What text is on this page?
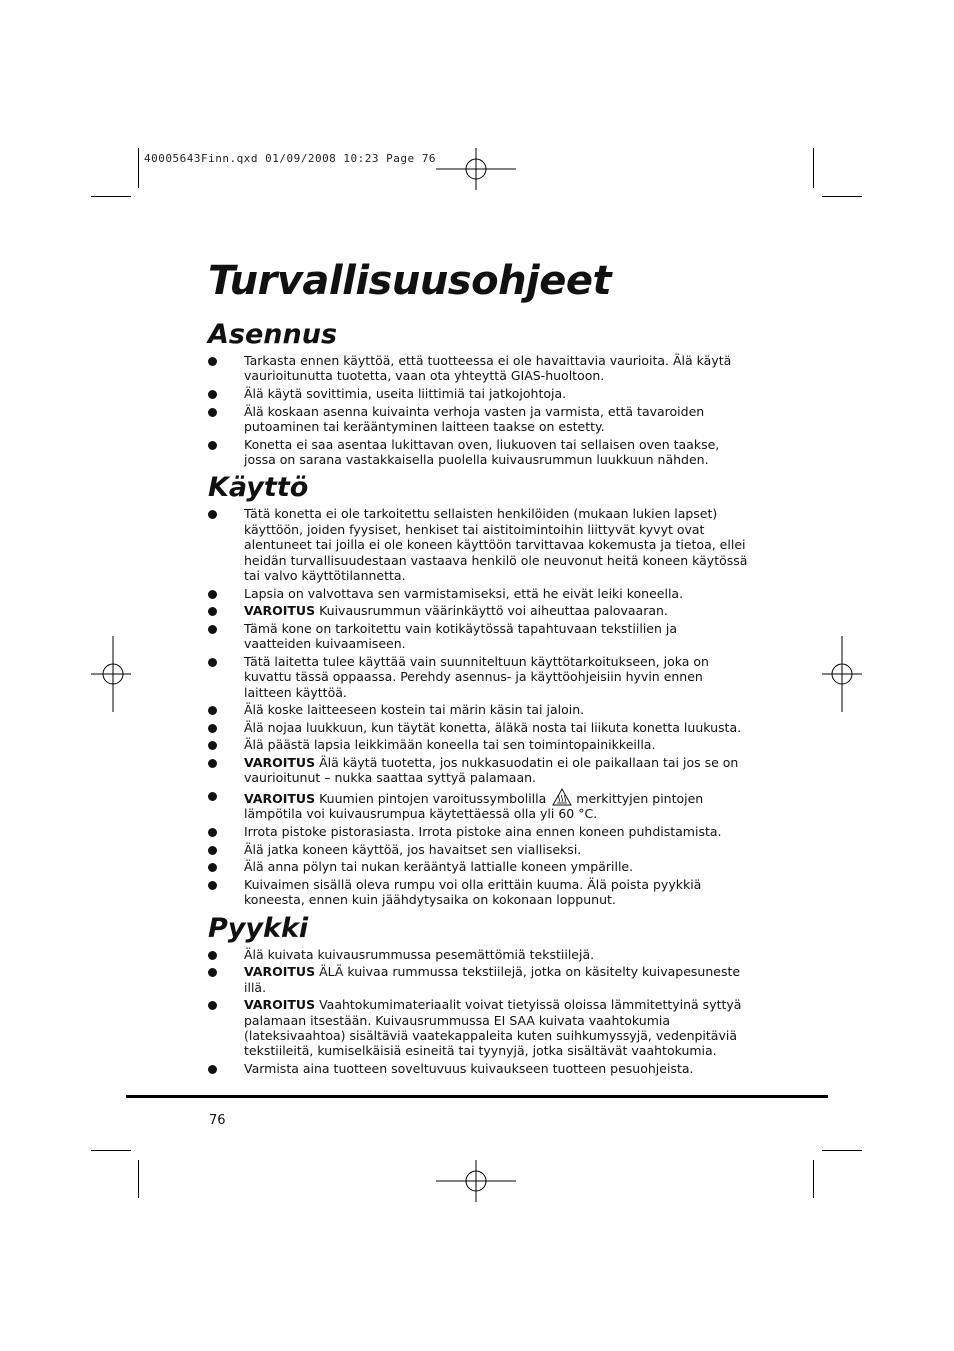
40005643Finn.qxd 01/09/2008 10:23 Page 76
Turvallisuusohjeet
Asennus
Tarkasta ennen käyttöä, että tuotteessa ei ole havaittavia vaurioita. Älä käytä vaurioitunutta tuotetta, vaan ota yhteyttä GIAS-huoltoon.
Älä käytä sovittimia, useita liittimiä tai jatkojohtoja.
Älä koskaan asenna kuivainta verhoja vasten ja varmista, että tavaroiden putoaminen tai kerääntyminen laitteen taakse on estetty.
Konetta ei saa asentaa lukittavan oven, liukuoven tai sellaisen oven taakse, jossa on sarana vastakkaisella puolella kuivausrummun luukkuun nähden.
Käyttö
Tätä konetta ei ole tarkoitettu sellaisten henkilöiden (mukaan lukien lapset) käyttöön, joiden fyysiset, henkiset tai aistitoimintoihin liittyvät kyvyt ovat alentuneet tai joilla ei ole koneen käyttöön tarvittavaa kokemusta ja tietoa, ellei heidän turvallisuudestaan vastaava henkilö ole neuvonut heitä koneen käytössä tai valvo käyttötilannetta.
Lapsia on valvottava sen varmistamiseksi, että he eivät leiki koneella.
VAROITUS Kuivausrummun väärinkäyttö voi aiheuttaa palovaaran.
Tämä kone on tarkoitettu vain kotikäytössä tapahtuvaan tekstiilien ja vaatteiden kuivaamiseen.
Tätä laitetta tulee käyttää vain suunniteltuun käyttötarkoitukseen, joka on kuvattu tässä oppaassa. Perehdy asennus- ja käyttöohjeisiin hyvin ennen laitteen käyttöä.
Älä koske laitteeseen kostein tai märin käsin tai jaloin.
Älä nojaa luukkuun, kun täytät konetta, äläkä nosta tai liikuta konetta luukusta.
Älä päästä lapsia leikkimään koneella tai sen toimintopainikkeilla.
VAROITUS Älä käytä tuotetta, jos nukkasuodatin ei ole paikallaan tai jos se on vaurioitunut – nukka saattaa syttyä palamaan.
VAROITUS Kuumien pintojen varoitussymbolilla merkittyjen pintojen lämpötila voi kuivausrumpua käytettäessä olla yli 60 °C.
Irrota pistoke pistorasiasta. Irrota pistoke aina ennen koneen puhdistamista.
Älä jatka koneen käyttöä, jos havaitset sen vialliseksi.
Älä anna pölyn tai nukan kerääntyä lattialle koneen ympärille.
Kuivaimen sisällä oleva rumpu voi olla erittäin kuuma. Älä poista pyykkiä koneesta, ennen kuin jäähdytysaika on kokonaan loppunut.
Pyykki
Älä kuivata kuivausrummussa pesemättömiä tekstiilejä.
VAROITUS ÄLÄ kuivaa rummussa tekstiilejä, jotka on käsitelty kuivapesuneste illä.
VAROITUS Vaahtokumimateriaalit voivat tietyissä oloissa lämmitettyinä syttyä palamaan itsestään. Kuivausrummussa EI SAA kuivata vaahtokumia (lateksivaahtoa) sisältäviä vaatekappaleita kuten suihkumyssyjä, vedenpitäviä tekstiileitä, kumiselkäisiä esineitä tai tyynyjä, jotka sisältävät vaahtokumia.
Varmista aina tuotteen soveltuvuus kuivaukseen tuotteen pesuohjeista.
76
